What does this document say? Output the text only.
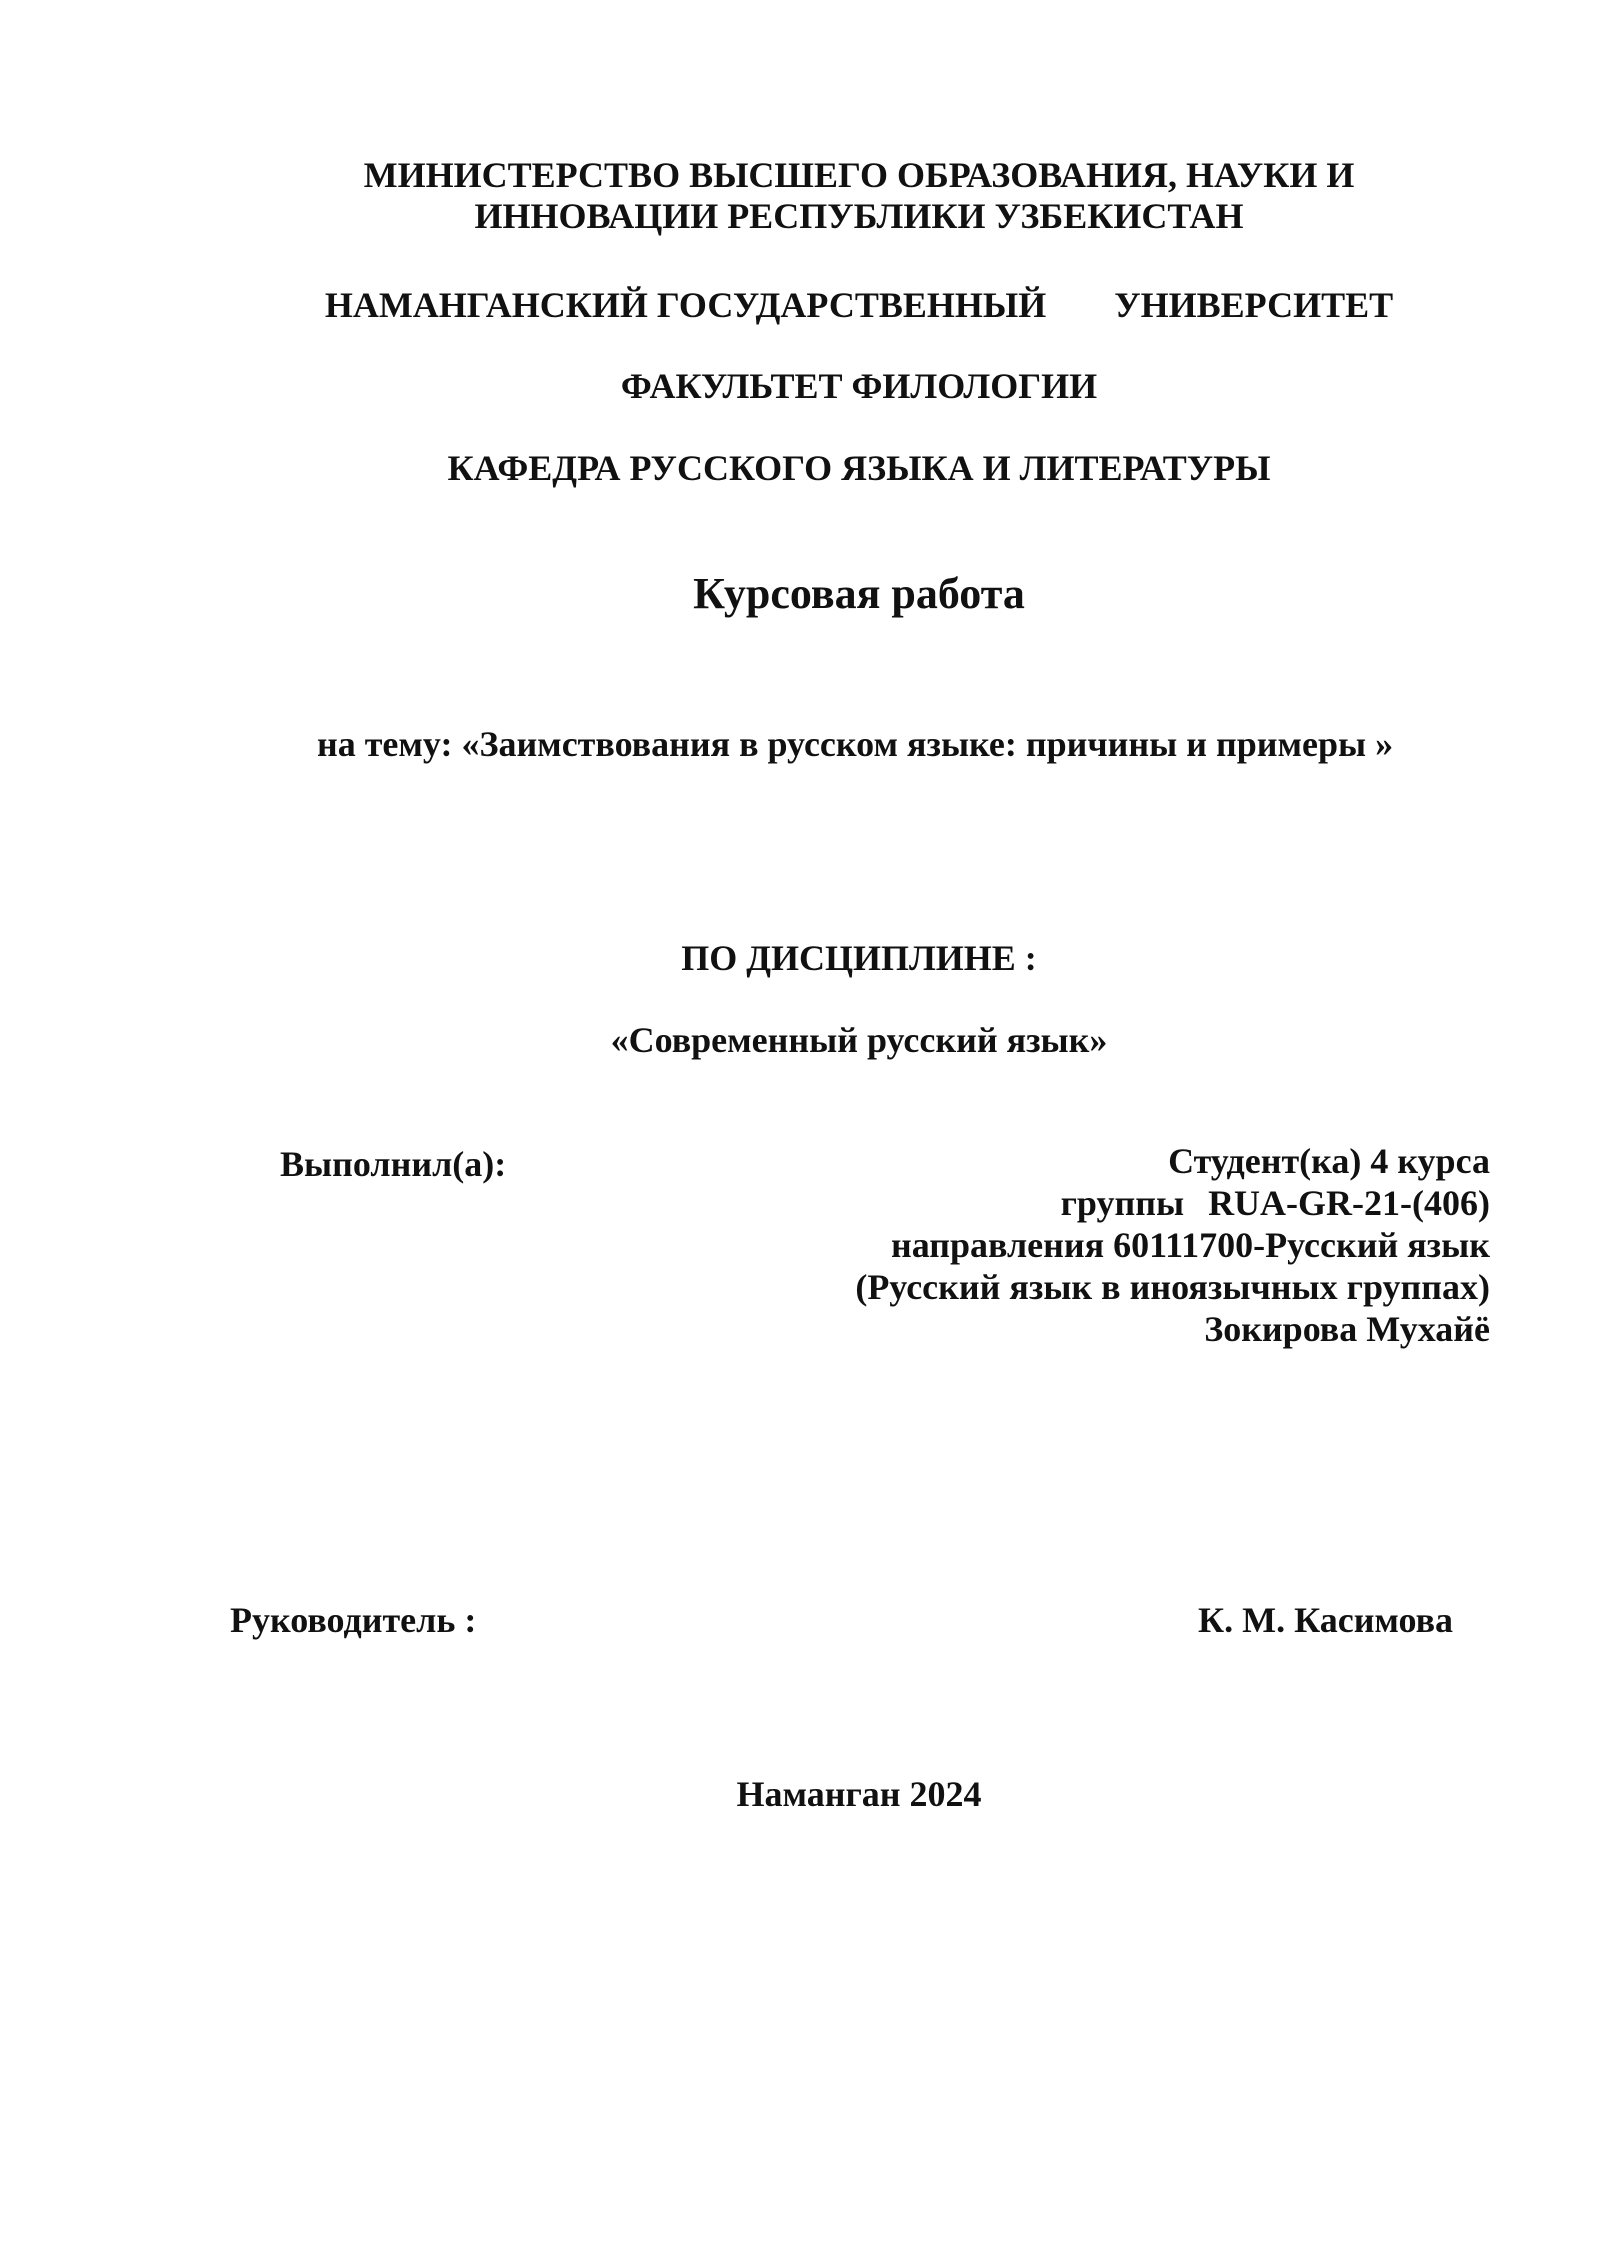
МИНИСТЕРСТВО ВЫСШЕГО ОБРАЗОВАНИЯ, НАУКИ И
ИННОВАЦИИ РЕСПУБЛИКИ УЗБЕКИСТАН
НАМАНГАНСКИЙ ГОСУДАРСТВЕННЫЙ УНИВЕРСИТЕТ
ФАКУЛЬТЕТ ФИЛОЛОГИИ
КАФЕДРА РУССКОГО ЯЗЫКА И ЛИТЕРАТУРЫ
Курсовая работа
на тему: «Заимствования в русском языке: причины и примеры »
ПО ДИСЦИПЛИНЕ :
«Современный русский язык»
Выполнил(а):	Студент(ка) 4 курса
группы RUA-GR-21-(406)
направления 60111700-Русский язык
(Русский язык в иноязычных группах)
Зокирова Мухайё
Руководитель :	К. М. Касимова
Наманган 2024
